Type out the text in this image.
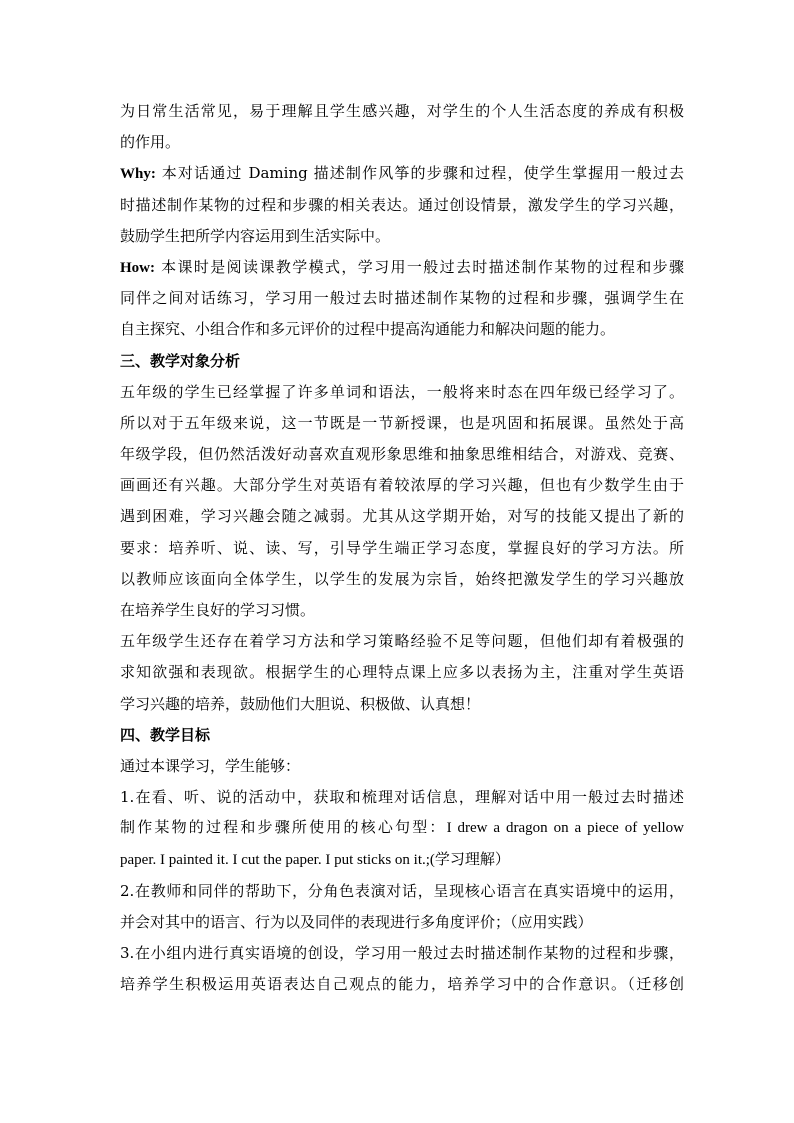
为日常生活常见，易于理解且学生感兴趣，对学生的个人生活态度的养成有积极
的作用。
Why: 本对话通过 Daming 描述制作风筝的步骤和过程，使学生掌握用一般过去
时描述制作某物的过程和步骤的相关表达。通过创设情景，激发学生的学习兴趣，
鼓励学生把所学内容运用到生活实际中。
How: 本课时是阅读课教学模式，学习用一般过去时描述制作某物的过程和步骤
同伴之间对话练习，学习用一般过去时描述制作某物的过程和步骤，强调学生在
自主探究、小组合作和多元评价的过程中提高沟通能力和解决问题的能力。
三、教学对象分析
五年级的学生已经掌握了许多单词和语法，一般将来时态在四年级已经学习了。
所以对于五年级来说，这一节既是一节新授课，也是巩固和拓展课。虽然处于高
年级学段，但仍然活泼好动喜欢直观形象思维和抽象思维相结合，对游戏、竞赛、
画画还有兴趣。大部分学生对英语有着较浓厚的学习兴趣，但也有少数学生由于
遇到困难，学习兴趣会随之减弱。尤其从这学期开始，对写的技能又提出了新的
要求：培养听、说、读、写，引导学生端正学习态度，掌握良好的学习方法。所
以教师应该面向全体学生，以学生的发展为宗旨，始终把激发学生的学习兴趣放
在培养学生良好的学习习惯。
五年级学生还存在着学习方法和学习策略经验不足等问题，但他们却有着极强的
求知欲强和表现欲。根据学生的心理特点课上应多以表扬为主，注重对学生英语
学习兴趣的培养，鼓励他们大胆说、积极做、认真想！
四、教学目标
通过本课学习，学生能够：
1.在看、听、说的活动中，获取和梳理对话信息，理解对话中用一般过去时描述
制作某物的过程和步骤所使用的核心句型：I drew a dragon on a piece of yellow
paper. I painted it. I cut the paper. I put sticks on it.;(学习理解）
2.在教师和同伴的帮助下，分角色表演对话，呈现核心语言在真实语境中的运用，
并会对其中的语言、行为以及同伴的表现进行多角度评价；（应用实践）
3.在小组内进行真实语境的创设，学习用一般过去时描述制作某物的过程和步骤，
培养学生积极运用英语表达自己观点的能力，培养学习中的合作意识。（迁移创
